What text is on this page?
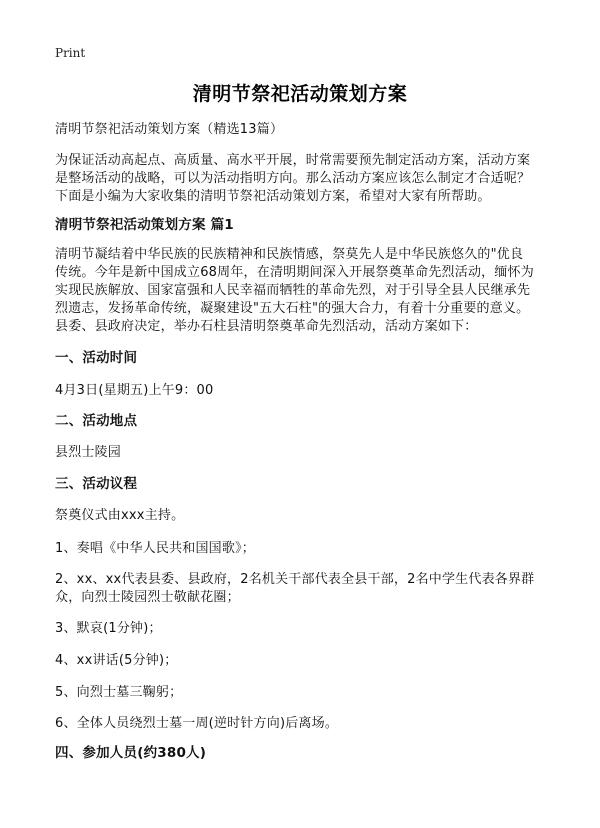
Print
清明节祭祀活动策划方案
清明节祭祀活动策划方案（精选13篇）
为保证活动高起点、高质量、高水平开展，时常需要预先制定活动方案，活动方案
是整场活动的战略，可以为活动指明方向。那么活动方案应该怎么制定才合适呢？
下面是小编为大家收集的清明节祭祀活动策划方案，希望对大家有所帮助。
清明节祭祀活动策划方案 篇1
清明节凝结着中华民族的民族精神和民族情感，祭莫先人是中华民族悠久的"优良
传统。今年是新中国成立68周年，在清明期间深入开展祭奠革命先烈活动，缅怀为
实现民族解放、国家富强和人民幸福而牺牲的革命先烈，对于引导全县人民继承先
烈遗志，发扬革命传统，凝聚建设"五大石柱"的强大合力，有着十分重要的意义。
县委、县政府决定，举办石柱县清明祭奠革命先烈活动，活动方案如下：
一、活动时间
4月3日(星期五)上午9：00
二、活动地点
县烈士陵园
三、活动议程
祭奠仪式由xxx主持。
1、奏唱《中华人民共和国国歌》；
2、xx、xx代表县委、县政府，2名机关干部代表全县干部，2名中学生代表各界群
众，向烈士陵园烈士敬献花圈；
3、默哀(1分钟)；
4、xx讲话(5分钟)；
5、向烈士墓三鞠躬；
6、全体人员绕烈士墓一周(逆时针方向)后离场。
四、参加人员(约380人)
